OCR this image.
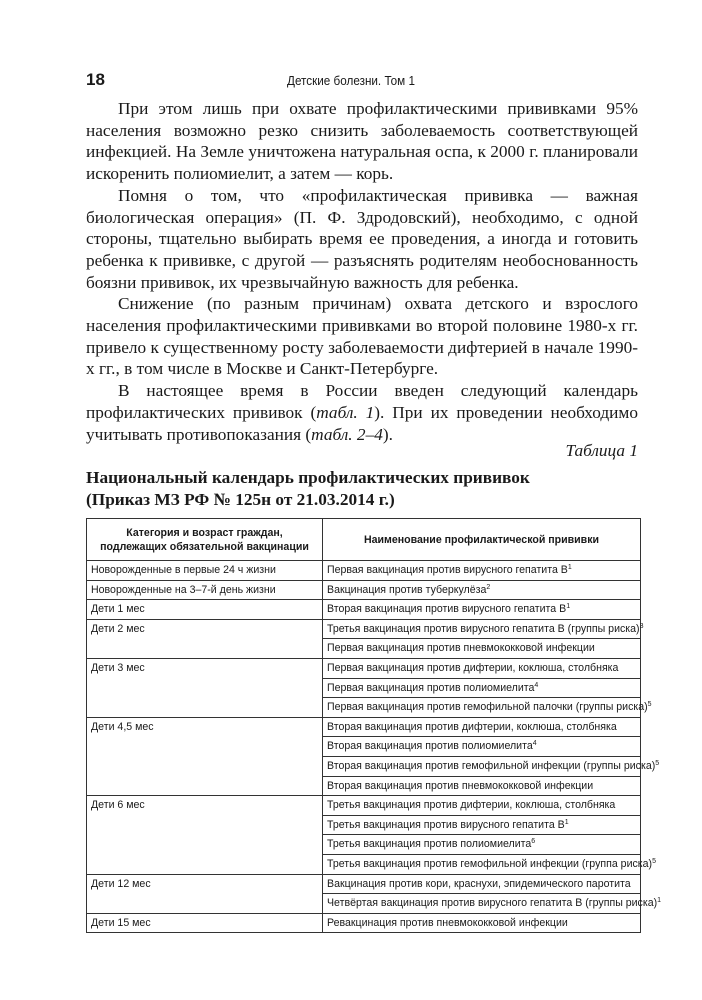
18	Детские болезни. Том 1

При этом лишь при охвате профилактическими прививками 95% населения возможно резко снизить заболеваемость соответствующей инфекцией. На Земле уничтожена натуральная оспа, к 2000 г. планировали искоренить полиомиелит, а затем — корь.

Помня о том, что «профилактическая прививка — важная биологическая операция» (П. Ф. Здродовский), необходимо, с одной стороны, тщательно выбирать время ее проведения, а иногда и готовить ребенка к прививке, с другой — разъяснять родителям необоснованность боязни прививок, их чрезвычайную важность для ребенка.

Снижение (по разным причинам) охвата детского и взрослого населения профилактическими прививками во второй половине 1980-х гг. привело к существенному росту заболеваемости дифтерией в начале 1990-х гг., в том числе в Москве и Санкт-Петербурге.

В настоящее время в России введен следующий календарь профилактических прививок (табл. 1). При их проведении необходимо учитывать противопоказания (табл. 2–4).

Таблица 1
Национальный календарь профилактических прививок
(Приказ МЗ РФ № 125н от 21.03.2014 г.)
Категория и возраст граждан,
подлежащих обязательной вакцинации	Наименование профилактической прививки
Новорожденные в первые 24 ч жизни	Первая вакцинация против вирусного гепатита $В^1$
Новорожденные на 3–7-й день жизни	Вакцинация против туберкулёза$^2$
Дети 1 мес	Вторая вакцинация против вирусного гепатита $В^1$
Дети 2 мес	Третья вакцинация против вирусного гепатита В (группы риска)$^3$
	Первая вакцинация против пневмококковой инфекции
Дети 3 мес	Первая вакцинация против дифтерии, коклюша, столбняка
	Первая вакцинация против полиомиелита$^4$
	Первая вакцинация против гемофильной палочки (группы риска)$^5$
Дети 4,5 мес	Вторая вакцинация против дифтерии, коклюша, столбняка
	Вторая вакцинация против полиомиелита$^4$
	Вторая вакцинация против гемофильной инфекции (группы риска)$^5$
	Вторая вакцинация против пневмококковой инфекции
Дети 6 мес	Третья вакцинация против дифтерии, коклюша, столбняка
	Третья вакцинация против вирусного гепатита $В^1$
	Третья вакцинация против полиомиелита$^6$
	Третья вакцинация против гемофильной инфекции (группа риска)$^5$
Дети 12 мес	Вакцинация против кори, краснухи, эпидемического паротита
	Четвёртая вакцинация против вирусного гепатита В (группы риска)$^1$
Дети 15 мес	Ревакцинация против пневмококковой инфекции
